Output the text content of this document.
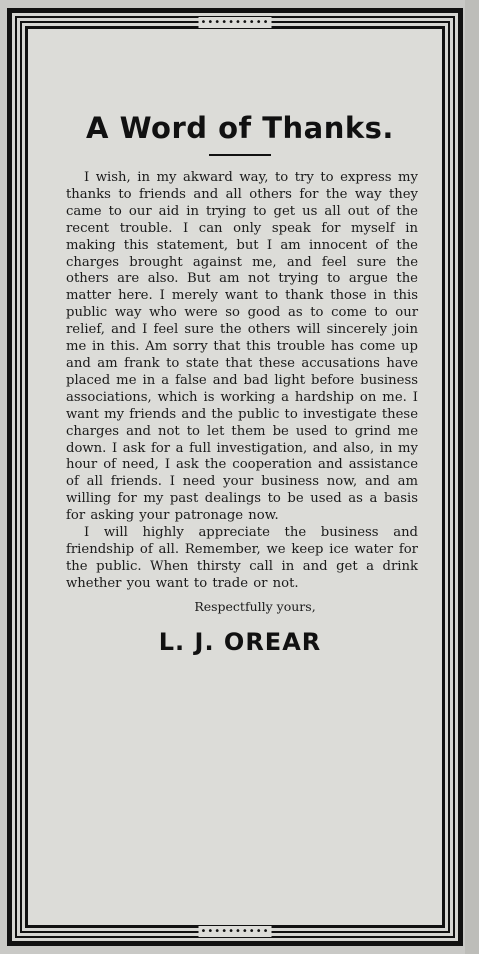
••••••••••
••••••••••
A Word of Thanks.

I wish, in my akward way, to try to express my thanks to friends and all others for the way they came to our aid in trying to get us all out of the recent trouble. I can only speak for myself in making this statement, but I am innocent of the charges brought against me, and feel sure the others are also. But am not trying to argue the matter here. I merely want to thank those in this public way who were so good as to come to our relief, and I feel sure the others will sincerely join me in this. Am sorry that this trouble has come up and am frank to state that these accusations have placed me in a false and bad light before business associations, which is working a hardship on me. I want my friends and the public to investigate these charges and not to let them be used to grind me down. I ask for a full investigation, and also, in my hour of need, I ask the cooperation and assistance of all friends. I need your business now, and am willing for my past dealings to be used as a basis for asking your patronage now.

I will highly appreciate the business and friendship of all. Remember, we keep ice water for the public. When thirsty call in and get a drink whether you want to trade or not.

Respectfully yours,

L. J. OREAR
